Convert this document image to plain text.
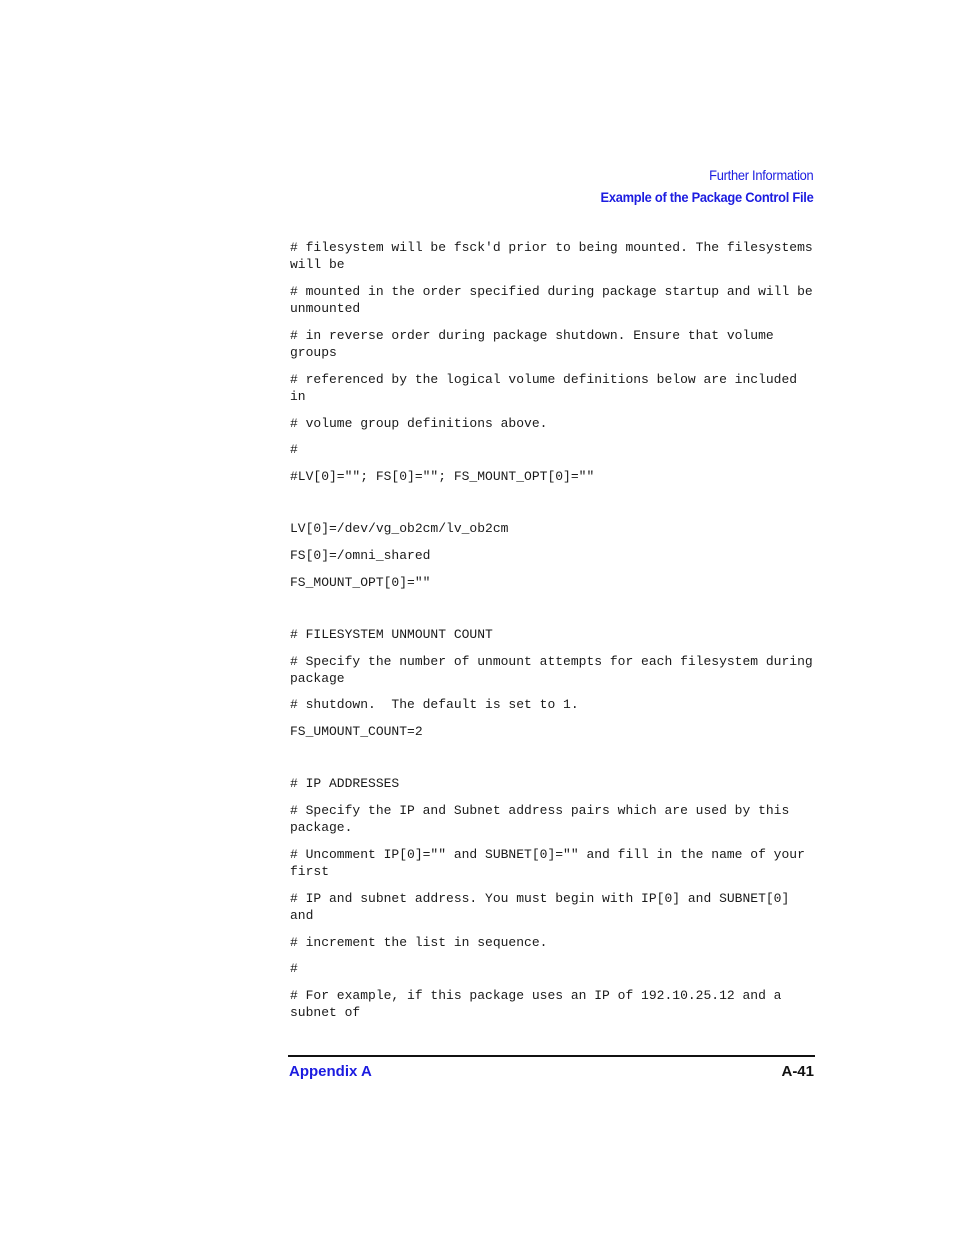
Further Information
Example of the Package Control File
# filesystem will be fsck'd prior to being mounted. The filesystems will be
# mounted in the order specified during package startup and will be unmounted
# in reverse order during package shutdown. Ensure that volume groups
# referenced by the logical volume definitions below are included in
# volume group definitions above.
#
#LV[0]=""; FS[0]=""; FS_MOUNT_OPT[0]=""
LV[0]=/dev/vg_ob2cm/lv_ob2cm
FS[0]=/omni_shared
FS_MOUNT_OPT[0]=""
# FILESYSTEM UNMOUNT COUNT
# Specify the number of unmount attempts for each filesystem during package
# shutdown.  The default is set to 1.
FS_UMOUNT_COUNT=2
# IP ADDRESSES
# Specify the IP and Subnet address pairs which are used by this package.
# Uncomment IP[0]="" and SUBNET[0]="" and fill in the name of your first
# IP and subnet address. You must begin with IP[0] and SUBNET[0] and
# increment the list in sequence.
#
# For example, if this package uses an IP of 192.10.25.12 and a subnet of
Appendix A	A-41
